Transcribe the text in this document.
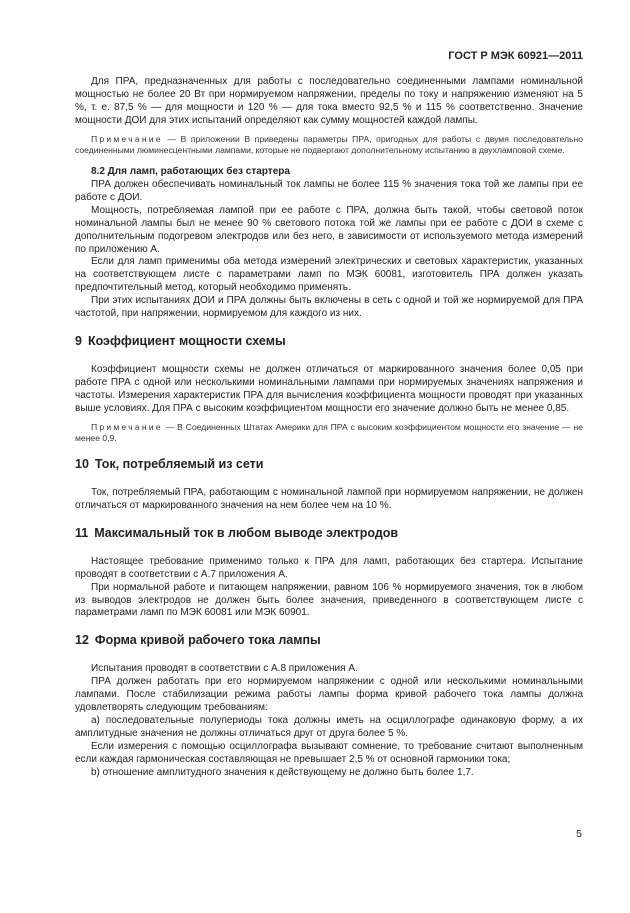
ГОСТ Р МЭК 60921—2011

Для ПРА, предназначенных для работы с последовательно соединенными лампами номинальной мощностью не более 20 Вт при нормируемом напряжении, пределы по току и напряжению изменяют на 5 %, т. е. 87,5 % — для мощности и 120 % — для тока вместо 92,5 % и 115 % соответственно. Значение мощности ДОИ для этих испытаний определяют как сумму мощностей каждой лампы.

Примечание — В приложении В приведены параметры ПРА, пригодных для работы с двумя последовательно соединенными люминесцентными лампами, которые не подвергают дополнительному испытанию в двухламповой схеме.

8.2 Для ламп, работающих без стартера

ПРА должен обеспечивать номинальный ток лампы не более 115 % значения тока той же лампы при ее работе с ДОИ.

Мощность, потребляемая лампой при ее работе с ПРА, должна быть такой, чтобы световой поток номинальной лампы был не менее 90 % светового потока той же лампы при ее работе с ДОИ в схеме с дополнительным подогревом электродов или без него, в зависимости от используемого метода измерений по приложению А.

Если для ламп применимы оба метода измерений электрических и световых характеристик, указанных на соответствующем листе с параметрами ламп по МЭК 60081, изготовитель ПРА должен указать предпочтительный метод, который необходимо применять.

При этих испытаниях ДОИ и ПРА должны быть включены в сеть с одной и той же нормируемой для ПРА частотой, при напряжении, нормируемом для каждого из них.

9 Коэффициент мощности схемы

Коэффициент мощности схемы не должен отличаться от маркированного значения более 0,05 при работе ПРА с одной или несколькими номинальными лампами при нормируемых значениях напряжения и частоты. Измерения характеристик ПРА для вычисления коэффициента мощности проводят при указанных выше условиях. Для ПРА с высоким коэффициентом мощности его значение должно быть не менее 0,85.

Примечание — В Соединенных Штатах Америки для ПРА с высоким коэффициентом мощности его значение — не менее 0,9.

10 Ток, потребляемый из сети

Ток, потребляемый ПРА, работающим с номинальной лампой при нормируемом напряжении, не должен отличаться от маркированного значения на нем более чем на 10 %.

11 Максимальный ток в любом выводе электродов

Настоящее требование применимо только к ПРА для ламп, работающих без стартера. Испытание проводят в соответствии с А.7 приложения А.

При нормальной работе и питающем напряжении, равном 106 % нормируемого значения, ток в любом из выводов электродов не должен быть более значения, приведенного в соответствующем листе с параметрами ламп по МЭК 60081 или МЭК 60901.

12 Форма кривой рабочего тока лампы

Испытания проводят в соответствии с А.8 приложения А.

ПРА должен работать при его нормируемом напряжении с одной или несколькими номинальными лампами. После стабилизации режима работы лампы форма кривой рабочего тока лампы должна удовлетворять следующим требованиям:

a) последовательные полупериоды тока должны иметь на осциллографе одинаковую форму, а их амплитудные значения не должны отличаться друг от друга более 5 %.

Если измерения с помощью осциллографа вызывают сомнение, то требование считают выполненным если каждая гармоническая составляющая не превышает 2,5 % от основной гармоники тока;

b) отношение амплитудного значения к действующему не должно быть более 1,7.

5
